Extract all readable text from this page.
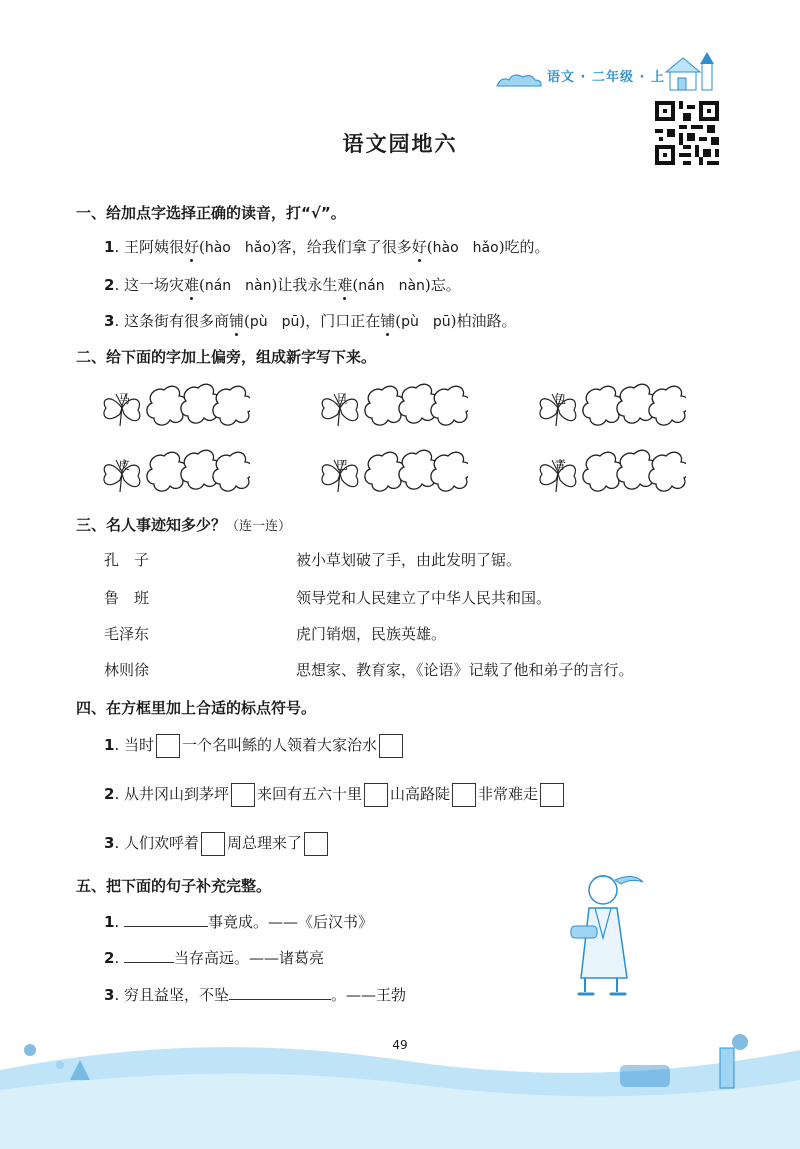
语文 · 二年级 · 上
语文园地六
一、给加点字选择正确的读音，打“√”。
1. 王阿姨很好(hào　hǎo)客，给我们拿了很多好(hào　hǎo)吃的。
2. 这一场灾难(nán　nàn)让我永生难(nán　nàn)忘。
3. 这条街有很多商铺(pù　pū)，门口正在铺(pù　pū)柏油路。
二、给下面的字加上偏旁，组成新字写下来。
马	旦	包
皮	巴	青
三、名人事迹知多少？（连一连）
孔　子	被小草划破了手，由此发明了锯。
鲁　班	领导党和人民建立了中华人民共和国。
毛泽东	虎门销烟，民族英雄。
林则徐	思想家、教育家，《论语》记载了他和弟子的言行。
四、在方框里加上合适的标点符号。
1. 当时 一个名叫鲧的人领着大家治水
2. 从井冈山到茅坪 来回有五六十里 山高路陡 非常难走
3. 人们欢呼着 周总理来了
五、把下面的句子补充完整。
1.	事竟成。——《后汉书》
2.	当存高远。——诸葛亮
3. 穷且益坚，不坠	。——王勃
49
